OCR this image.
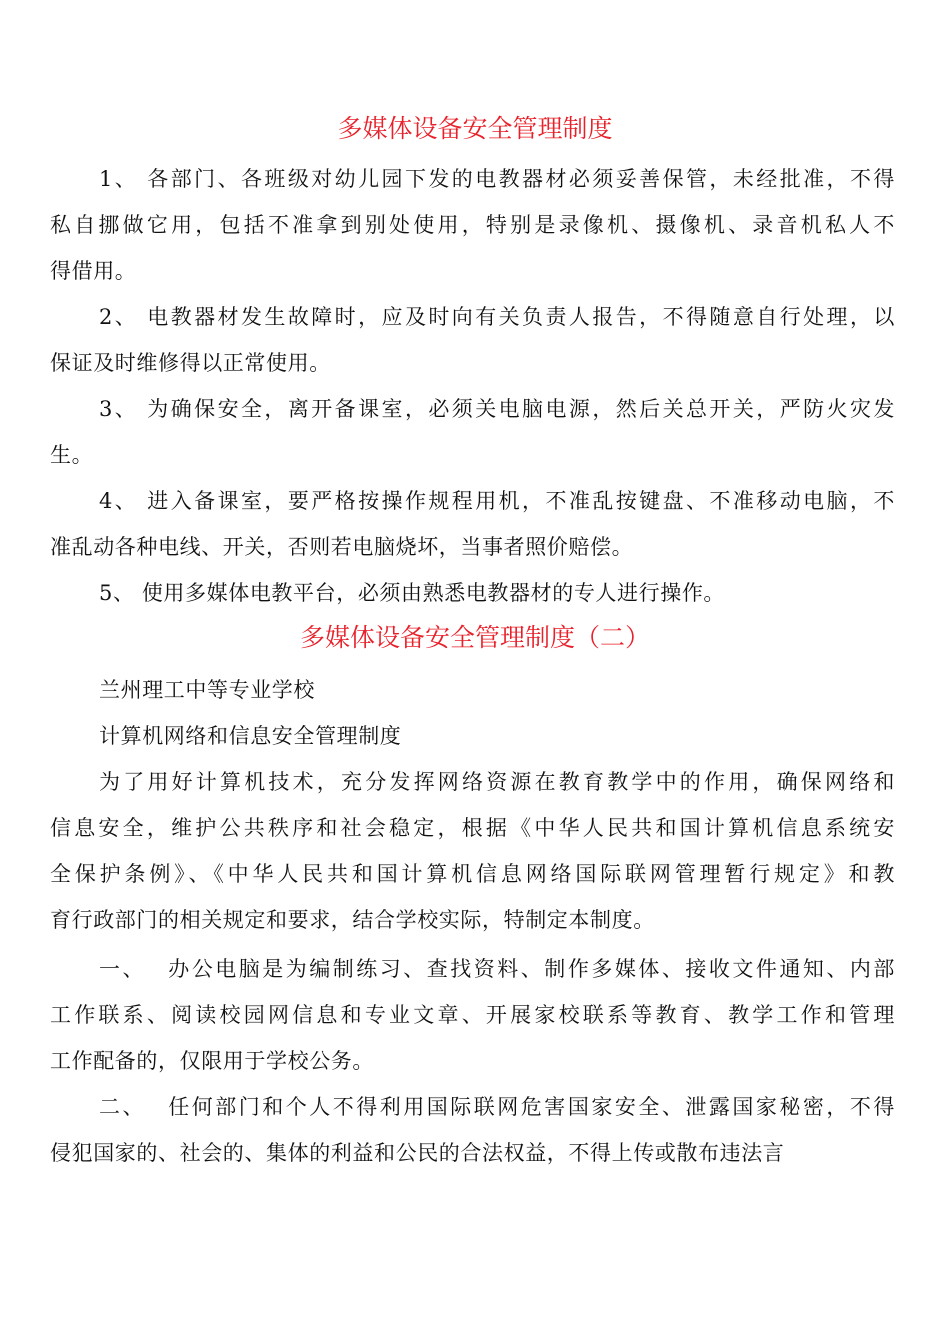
多媒体设备安全管理制度
1、 各部门、各班级对幼儿园下发的电教器材必须妥善保管，未经批准，不得
私自挪做它用，包括不准拿到别处使用，特别是录像机、摄像机、录音机私人不
得借用。
2、 电教器材发生故障时，应及时向有关负责人报告，不得随意自行处理，以
保证及时维修得以正常使用。
3、 为确保安全，离开备课室，必须关电脑电源，然后关总开关，严防火灾发
生。
4、 进入备课室，要严格按操作规程用机，不准乱按键盘、不准移动电脑，不
准乱动各种电线、开关，否则若电脑烧坏，当事者照价赔偿。
5、 使用多媒体电教平台，必须由熟悉电教器材的专人进行操作。
多媒体设备安全管理制度（二）
兰州理工中等专业学校
计算机网络和信息安全管理制度
为了用好计算机技术，充分发挥网络资源在教育教学中的作用，确保网络和
信息安全，维护公共秩序和社会稳定，根据《中华人民共和国计算机信息系统安
全保护条例》、《中华人民共和国计算机信息网络国际联网管理暂行规定》和教
育行政部门的相关规定和要求，结合学校实际，特制定本制度。
一、　 办公电脑是为编制练习、查找资料、制作多媒体、接收文件通知、内部
工作联系、阅读校园网信息和专业文章、开展家校联系等教育、教学工作和管理
工作配备的，仅限用于学校公务。
二、　 任何部门和个人不得利用国际联网危害国家安全、泄露国家秘密，不得
侵犯国家的、社会的、集体的利益和公民的合法权益，不得上传或散布违法言
